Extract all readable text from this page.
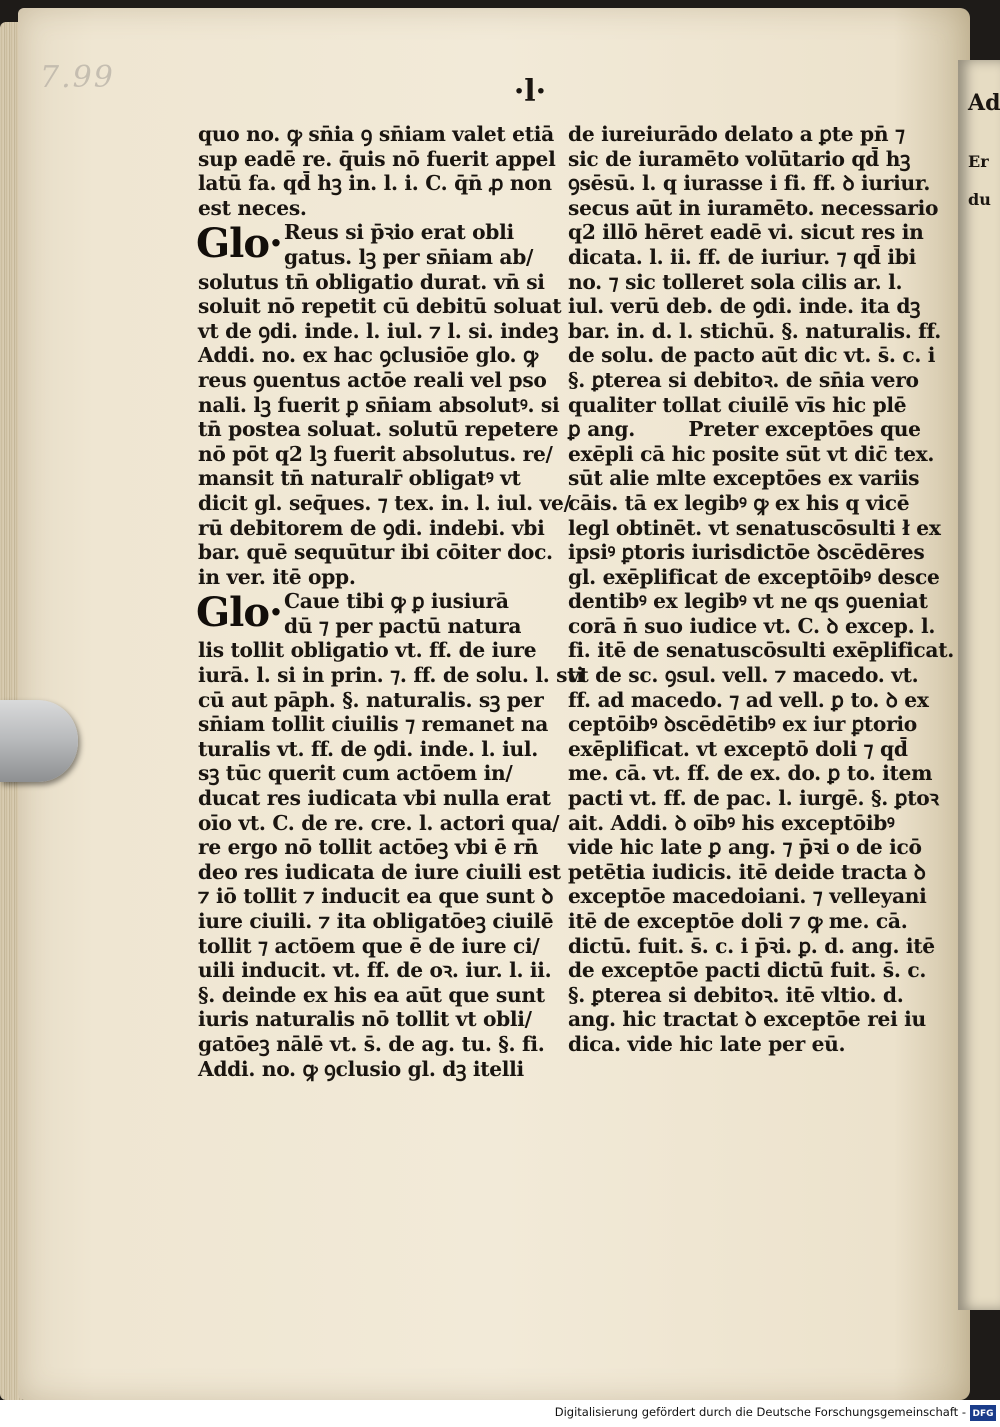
Ad
Er
du
7.99	·l·
quo no. ꝙ sn̄ia ꝯ sn̄iam valet etiā
sup eadē re. q̄uis nō fuerit appel
latū fa. qd̄ hꝫ in. l. i. C. q̄n̄ ꝓ non
est neces.
Glo· Reus si p̄ꝛio erat obli
gatus. lꝫ per sn̄iam ab/
solutus tn̄ obligatio durat. vn̄ si
soluit nō repetit cū debitū soluat
vt de ꝯdi. inde. l. iul. ⁊ l. si. indeꝫ
Addi. no. ex hac ꝯclusiōe glo. ꝙ
reus ꝯuentus actōe reali vel pso
nali. lꝫ fuerit ꝑ sn̄iam absolutꝰ. si
tn̄ postea soluat. solutū repetere
nō pōt q2 lꝫ fuerit absolutus. re/
mansit tn̄ naturalr̄ obligatꝰ vt
dicit gl. seq̄ues. ⁊ tex. in. l. iul. ve/
rū debitorem de ꝯdi. indebi. vbi
bar. quē sequūtur ibi cōiter doc.
in ver. itē opp.
Glo· Caue tibi ꝙ ꝑ iusiurā
dū ⁊ per pactū natura
lis tollit obligatio vt. ff. de iure
iurā. l. si in prin. ⁊. ff. de solu. l. sti
cū aut pāph. §. naturalis. sꝫ per
sn̄iam tollit ciuilis ⁊ remanet na
turalis vt. ff. de ꝯdi. inde. l. iul.
sꝫ tūc querit cum actōem in/
ducat res iudicata vbi nulla erat
oīo vt. C. de re. cre. l. actori qua/
re ergo nō tollit actōeꝫ vbi ē rn̄
deo res iudicata de iure ciuili est
⁊ iō tollit ⁊ inducit ea que sunt ꝺ
iure ciuili. ⁊ ita obligatōeꝫ ciuilē
tollit ⁊ actōem que ē de iure ci/
uili inducit. vt. ff. de oꝛ. iur. l. ii.
§. deinde ex his ea aūt que sunt
iuris naturalis nō tollit vt obli/
gatōeꝫ nālē vt. s̄. de ag. tu. §. fi.
Addi. no. ꝙ ꝯclusio gl. dꝫ itelli
de iureiurādo delato a ꝑte pn̄ ⁊
sic de iuramēto volūtario qd̄ hꝫ
ꝯsēsū. l. q iurasse i fi. ff. ꝺ iuriur.
secus aūt in iuramēto. necessario
q2 illō hēret eadē vi. sicut res in
dicata. l. ii. ff. de iuriur. ⁊ qd̄ ibi
no. ⁊ sic tolleret sola cilis ar. l.
iul. verū deb. de ꝯdi. inde. ita dꝫ
bar. in. d. l. stichū. §. naturalis. ff.
de solu. de pacto aūt dic vt. s̄. c. i
§. ꝑterea si debitoꝛ. de sn̄ia vero
qualiter tollat ciuilē vīs hic plē
ꝑ ang.	Preter exceptōes que
exēpli cā hic posite sūt vt dic̄ tex.
sūt alie mlte exceptōes ex variis
cāis. tā ex legibꝰ ꝙ ex his q vicē
legl obtinēt. vt senatuscōsulti ł ex
ipsiꝰ ꝑtoris iurisdictōe ꝺscēdēres
gl. exēplificat de exceptōibꝰ desce
dentibꝰ ex legibꝰ vt ne qs ꝯueniat
corā n̄ suo iudice vt. C. ꝺ excep. l.
fi. itē de senatuscōsulti exēplificat.
vt de sc. ꝯsul. vell. ⁊ macedo. vt.
ff. ad macedo. ⁊ ad vell. ꝑ to. ꝺ ex
ceptōibꝰ ꝺscēdētibꝰ ex iur ꝑtorio
exēplificat. vt exceptō doli ⁊ qd̄
me. cā. vt. ff. de ex. do. ꝑ to. item
pacti vt. ff. de pac. l. iurgē. §. ꝑtoꝛ
ait. Addi. ꝺ oībꝰ his exceptōibꝰ
vide hic late ꝑ ang. ⁊ p̄ꝛi o de icō
petētia iudicis. itē deide tracta ꝺ
exceptōe macedoiani. ⁊ velleyani
itē de exceptōe doli ⁊ ꝙ me. cā.
dictū. fuit. s̄. c. i p̄ꝛi. ꝑ. d. ang. itē
de exceptōe pacti dictū fuit. s̄. c.
§. ꝑterea si debitoꝛ. itē vltio. d.
ang. hic tractat ꝺ exceptōe rei iu
dica. vide hic late per eū.
Digitalisierung gefördert durch die Deutsche Forschungsgemeinschaft - DFG
